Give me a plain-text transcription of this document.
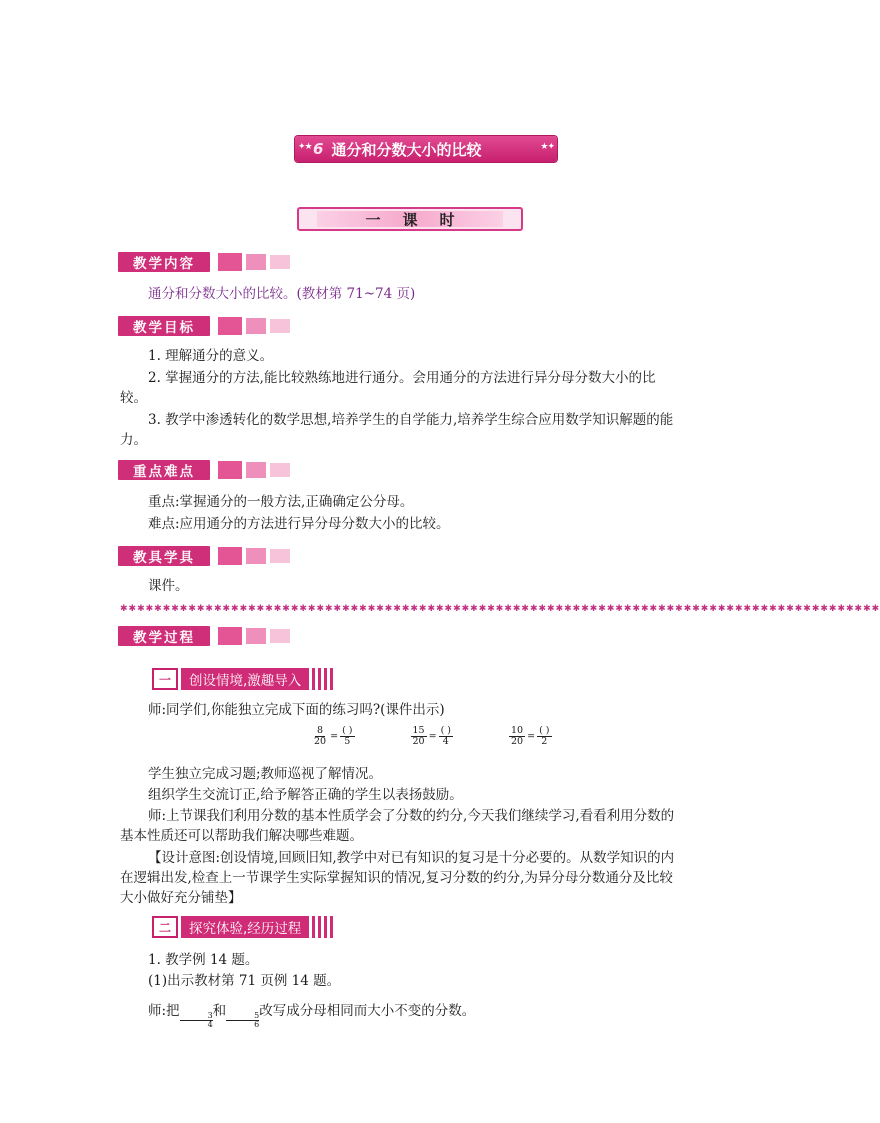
✦★ 6 通分和分数大小的比较	★✦
一课时
教学内容
通分和分数大小的比较。(教材第 71~74 页)
教学目标
1. 理解通分的意义。
2. 掌握通分的方法,能比较熟练地进行通分。会用通分的方法进行异分母分数大小的比较。
3. 教学中渗透转化的数学思想,培养学生的自学能力,培养学生综合应用数学知识解题的能力。
重点难点
重点:掌握通分的一般方法,正确确定公分母。
难点:应用通分的方法进行异分母分数大小的比较。
教具学具
课件。
✱✱✱✱✱✱✱✱✱✱✱✱✱✱✱✱✱✱✱✱✱✱✱✱✱✱✱✱✱✱✱✱✱✱✱✱✱✱✱✱✱✱✱✱✱✱✱✱✱✱✱✱✱✱✱✱✱✱✱✱✱✱✱✱✱✱✱✱✱✱✱✱✱✱✱✱✱✱✱✱✱✱✱✱✱✱✱✱✱
教学过程
一	创设情境,激趣导入
师:同学们,你能独立完成下面的练习吗?(课件出示)
$\frac{8}{20} = \frac{( )}{5}$	$\frac{15}{20} = \frac{( )}{4}$	$\frac{10}{20} = \frac{( )}{2}$
学生独立完成习题;教师巡视了解情况。
组织学生交流订正,给予解答正确的学生以表扬鼓励。
师:上节课我们利用分数的基本性质学会了分数的约分,今天我们继续学习,看看利用分数的基本性质还可以帮助我们解决哪些难题。
【设计意图:创设情境,回顾旧知,教学中对已有知识的复习是十分必要的。从数学知识的内在逻辑出发,检查上一节课学生实际掌握知识的情况,复习分数的约分,为异分母分数通分及比较大小做好充分铺垫】
二	探究体验,经历过程
1. 教学例 14 题。
(1)出示教材第 71 页例 14 题。
师:把
$\frac{3}{4}$
和
$\frac{5}{6}$
改写成分母相同而大小不变的分数。
